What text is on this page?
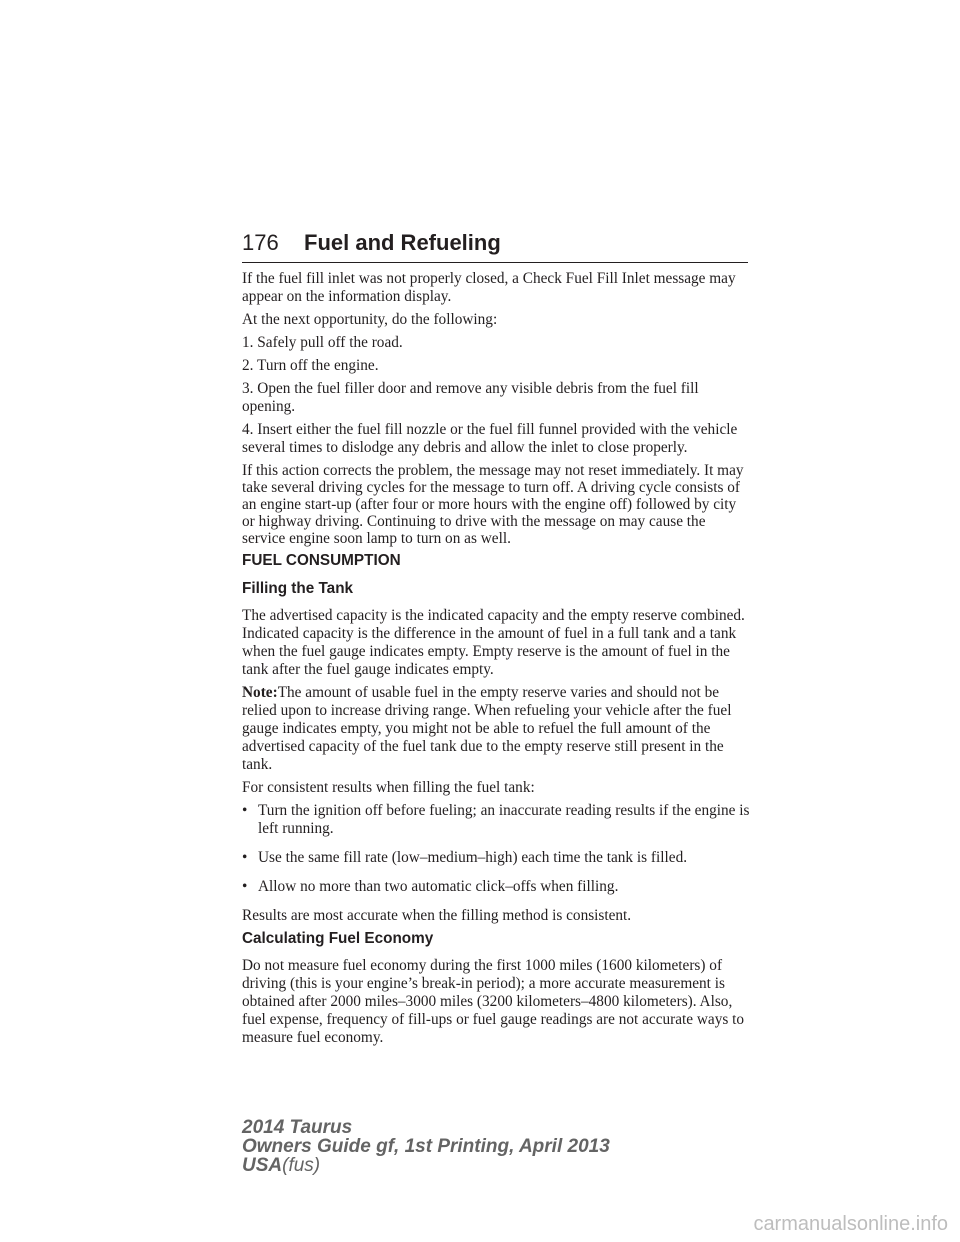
176 Fuel and Refueling

If the fuel fill inlet was not properly closed, a Check Fuel Fill Inlet message may appear on the information display.

At the next opportunity, do the following:

1. Safely pull off the road.

2. Turn off the engine.

3. Open the fuel filler door and remove any visible debris from the fuel fill opening.

4. Insert either the fuel fill nozzle or the fuel fill funnel provided with the vehicle several times to dislodge any debris and allow the inlet to close properly.

If this action corrects the problem, the message may not reset immediately. It may take several driving cycles for the message to turn off. A driving cycle consists of an engine start-up (after four or more hours with the engine off) followed by city or highway driving. Continuing to drive with the message on may cause the service engine soon lamp to turn on as well.

FUEL CONSUMPTION
Filling the Tank

The advertised capacity is the indicated capacity and the empty reserve combined. Indicated capacity is the difference in the amount of fuel in a full tank and a tank when the fuel gauge indicates empty. Empty reserve is the amount of fuel in the tank after the fuel gauge indicates empty.

Note:The amount of usable fuel in the empty reserve varies and should not be relied upon to increase driving range. When refueling your vehicle after the fuel gauge indicates empty, you might not be able to refuel the full amount of the advertised capacity of the fuel tank due to the empty reserve still present in the tank.

For consistent results when filling the fuel tank:

• Turn the ignition off before fueling; an inaccurate reading results if the engine is left running.
• Use the same fill rate (low–medium–high) each time the tank is filled.
• Allow no more than two automatic click–offs when filling.

Results are most accurate when the filling method is consistent.

Calculating Fuel Economy

Do not measure fuel economy during the first 1000 miles (1600 kilometers) of driving (this is your engine’s break-in period); a more accurate measurement is obtained after 2000 miles–3000 miles (3200 kilometers–4800 kilometers). Also, fuel expense, frequency of fill-ups or fuel gauge readings are not accurate ways to measure fuel economy.

2014 Taurus
Owners Guide gf, 1st Printing, April 2013
USA(fus)
carmanualsonline.info
